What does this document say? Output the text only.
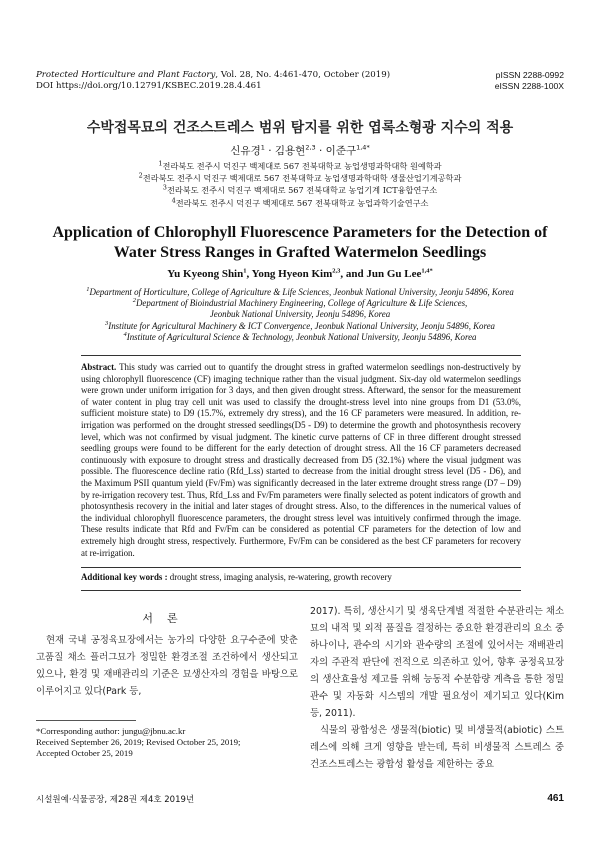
Protected Horticulture and Plant Factory, Vol. 28, No. 4:461-470, October (2019)
DOI https://doi.org/10.12791/KSBEC.2019.28.4.461
pISSN 2288-0992
eISSN 2288-100X
수박접목묘의 건조스트레스 범위 탐지를 위한 엽록소형광 지수의 적용
신유경$^1$ · 김용현$^{2,3}$ · 이준구$^{1,4*}$
$^1$전라북도 전주시 덕진구 백제대로 567 전북대학교 농업생명과학대학 원예학과
$^2$전라북도 전주시 덕진구 백제대로 567 전북대학교 농업생명과학대학 생물산업기계공학과
$^3$전라북도 전주시 덕진구 백제대로 567 전북대학교 농업기계 ICT융합연구소
$^4$전라북도 전주시 덕진구 백제대로 567 전북대학교 농업과학기술연구소
Application of Chlorophyll Fluorescence Parameters for the Detection of Water Stress Ranges in Grafted Watermelon Seedlings
Yu Kyeong Shin$^1$, Yong Hyeon Kim$^{2,3}$, and Jun Gu Lee$^{1,4*}$
$^1$Department of Horticulture, College of Agriculture & Life Sciences, Jeonbuk National University, Jeonju 54896, Korea
$^2$Department of Bioindustrial Machinery Engineering, College of Agriculture & Life Sciences,
Jeonbuk National University, Jeonju 54896, Korea
$^3$Institute for Agricultural Machinery & ICT Convergence, Jeonbuk National University, Jeonju 54896, Korea
$^4$Institute of Agricultural Science & Technology, Jeonbuk National University, Jeonju 54896, Korea
Abstract. This study was carried out to quantify the drought stress in grafted watermelon seedlings non-destructively by using chlorophyll fluorescence (CF) imaging technique rather than the visual judgment. Six-day old watermelon seedlings were grown under uniform irrigation for 3 days, and then given drought stress. Afterward, the sensor for the measurement of water content in plug tray cell unit was used to classify the drought-stress level into nine groups from D1 (53.0%, sufficient moisture state) to D9 (15.7%, extremely dry stress), and the 16 CF parameters were measured. In addition, re-irrigation was performed on the drought stressed seedlings(D5 - D9) to determine the growth and photosynthesis recovery level, which was not confirmed by visual judgment. The kinetic curve patterns of CF in three different drought stressed seedling groups were found to be different for the early detection of drought stress. All the 16 CF parameters decreased continuously with exposure to drought stress and drastically decreased from D5 (32.1%) where the visual judgment was possible. The fluorescence decline ratio (Rfd_Lss) started to decrease from the initial drought stress level (D5 - D6), and the Maximum PSII quantum yield (Fv/Fm) was significantly decreased in the later extreme drought stress range (D7 – D9) by re-irrigation recovery test. Thus, Rfd_Lss and Fv/Fm parameters were finally selected as potent indicators of growth and photosynthesis recovery in the initial and later stages of drought stress. Also, to the differences in the numerical values of the individual chlorophyll fluorescence parameters, the drought stress level was intuitively confirmed through the image. These results indicate that Rfd and Fv/Fm can be considered as potential CF parameters for the detection of low and extremely high drought stress, respectively. Furthermore, Fv/Fm can be considered as the best CF parameters for recovery at re-irrigation.
Additional key words : drought stress, imaging analysis, re-watering, growth recovery
서론

현재 국내 공정육묘장에서는 농가의 다양한 요구수준에 맞춘 고품질 채소 플러그묘가 정밀한 환경조절 조건하에서 생산되고 있으나, 환경 및 재배관리의 기준은 묘생산자의 경험을 바탕으로 이루어지고 있다(Park 등,

2017). 특히, 생산시기 및 생육단계별 적절한 수분관리는 채소 묘의 내적 및 외적 품질을 결정하는 중요한 환경관리의 요소 중 하나이나, 관수의 시기와 관수량의 조절에 있어서는 재배관리자의 주관적 판단에 전적으로 의존하고 있어, 향후 공정육묘장의 생산효율성 제고를 위해 능동적 수분함량 계측을 통한 정밀관수 및 자동화 시스템의 개발 필요성이 제기되고 있다(Kim 등, 2011).

식물의 광합성은 생물적(biotic) 및 비생물적(abiotic) 스트레스에 의해 크게 영향을 받는데, 특히 비생물적 스트레스 중 건조스트레스는 광합성 활성을 제한하는 중요

*Corresponding author: jungu@jbnu.ac.kr
Received September 26, 2019; Revised October 25, 2019;
Accepted October 25, 2019
시설원예·식물공장, 제28권 제4호 2019년	461
